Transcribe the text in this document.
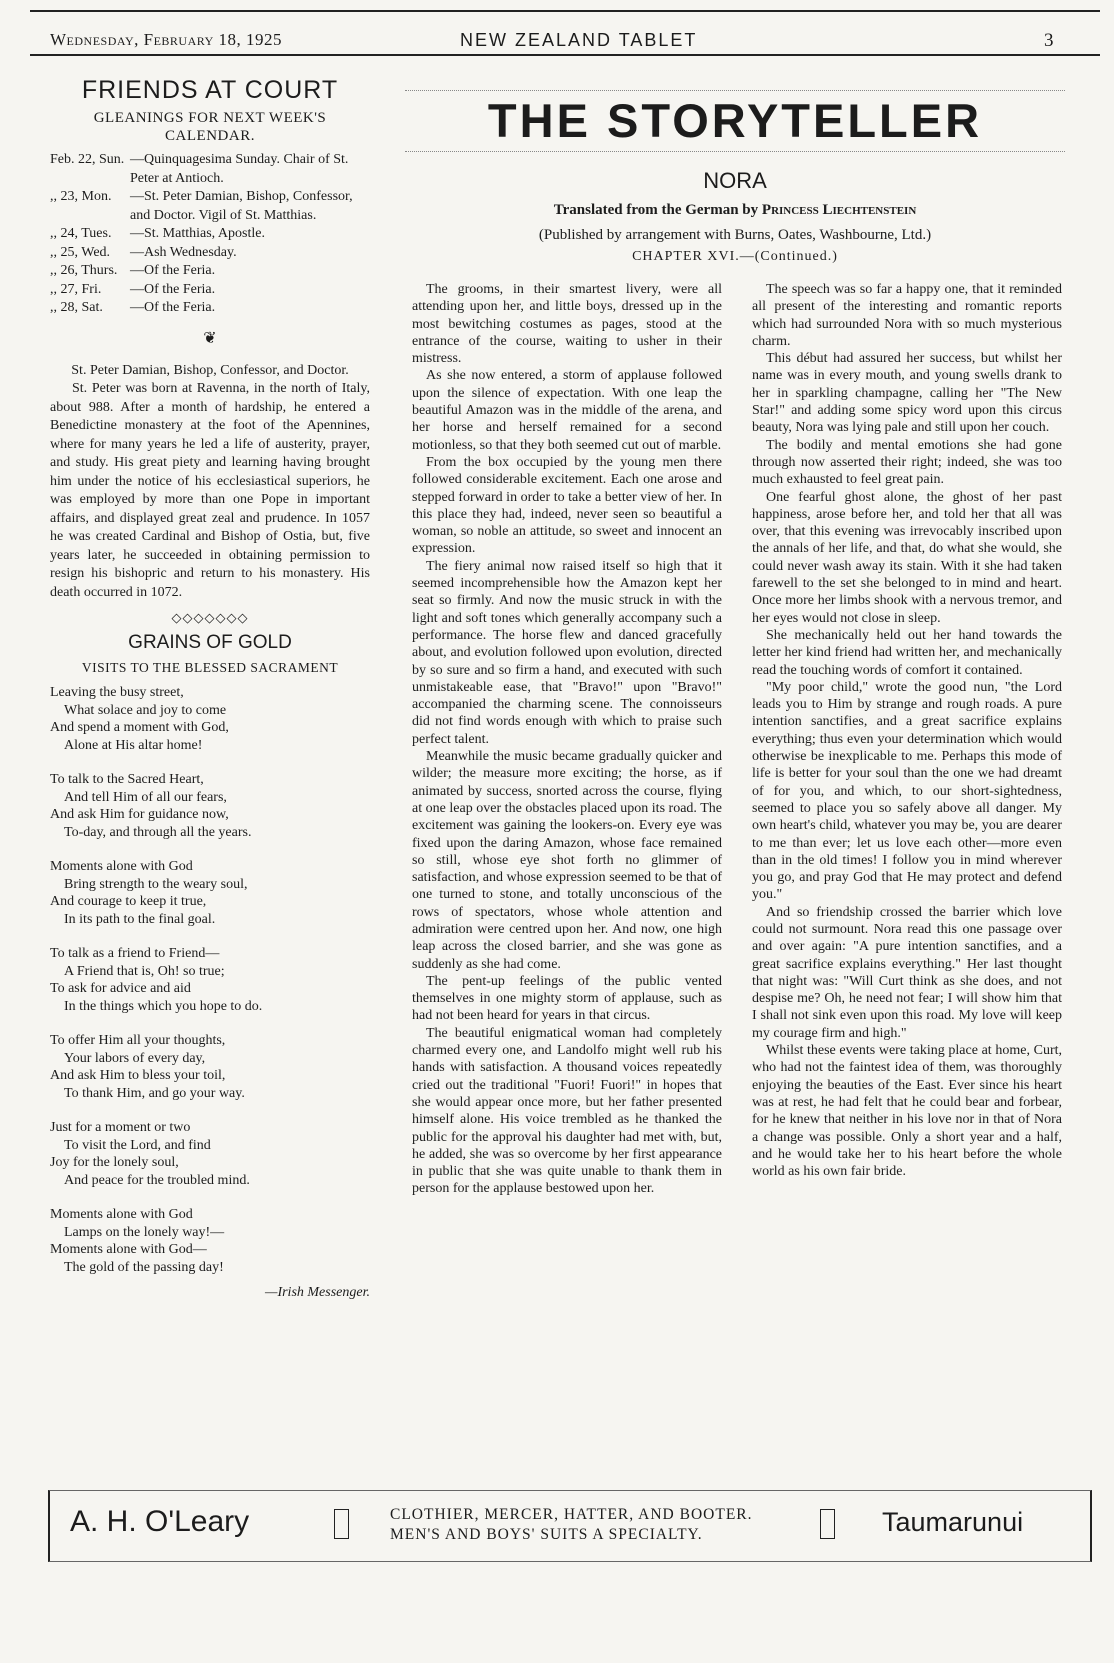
Wednesday, February 18, 1925	NEW ZEALAND TABLET	3
FRIENDS AT COURT
GLEANINGS FOR NEXT WEEK'S CALENDAR.
Feb. 22, Sun. —Quinquagesima Sunday. Chair of St. Peter at Antioch.
,, 23, Mon.	—St. Peter Damian, Bishop, Confessor, and Doctor. Vigil of St. Matthias.
,, 24, Tues.	—St. Matthias, Apostle.
,, 25, Wed.	—Ash Wednesday.
,, 26, Thurs. —Of the Feria.
,, 27, Fri.	—Of the Feria.
,, 28, Sat.	—Of the Feria.
❦
St. Peter Damian, Bishop, Confessor, and Doctor.
St. Peter was born at Ravenna, in the north of Italy, about 988. After a month of hardship, he entered a Benedictine monastery at the foot of the Apennines, where for many years he led a life of austerity, prayer, and study. His great piety and learning having brought him under the notice of his ecclesiastical superiors, he was employed by more than one Pope in important affairs, and displayed great zeal and prudence. In 1057 he was created Cardinal and Bishop of Ostia, but, five years later, he succeeded in obtaining permission to resign his bishopric and return to his monastery. His death occurred in 1072.
◇◇◇◇◇◇◇
GRAINS OF GOLD
VISITS TO THE BLESSED SACRAMENT
Leaving the busy street,
What solace and joy to come
And spend a moment with God,
Alone at His altar home!
To talk to the Sacred Heart,
And tell Him of all our fears,
And ask Him for guidance now,
To-day, and through all the years.
Moments alone with God
Bring strength to the weary soul,
And courage to keep it true,
In its path to the final goal.
To talk as a friend to Friend—
A Friend that is, Oh! so true;
To ask for advice and aid
In the things which you hope to do.
To offer Him all your thoughts,
Your labors of every day,
And ask Him to bless your toil,
To thank Him, and go your way.
Just for a moment or two
To visit the Lord, and find
Joy for the lonely soul,
And peace for the troubled mind.
Moments alone with God
Lamps on the lonely way!—
Moments alone with God—
The gold of the passing day!
—Irish Messenger.
THE STORYTELLER
NORA
Translated from the German by Princess Liechtenstein
(Published by arrangement with Burns, Oates, Washbourne, Ltd.)
CHAPTER XVI.—(Continued.)
The grooms, in their smartest livery, were all attending upon her, and little boys, dressed up in the most bewitching costumes as pages, stood at the entrance of the course, waiting to usher in their mistress.
As she now entered, a storm of applause followed upon the silence of expectation. With one leap the beautiful Amazon was in the middle of the arena, and her horse and herself remained for a second motionless, so that they both seemed cut out of marble.
From the box occupied by the young men there followed considerable excitement. Each one arose and stepped forward in order to take a better view of her. In this place they had, indeed, never seen so beautiful a woman, so noble an attitude, so sweet and innocent an expression.
The fiery animal now raised itself so high that it seemed incomprehensible how the Amazon kept her seat so firmly. And now the music struck in with the light and soft tones which generally accompany such a performance. The horse flew and danced gracefully about, and evolution followed upon evolution, directed by so sure and so firm a hand, and executed with such unmistakeable ease, that "Bravo!" upon "Bravo!" accompanied the charming scene. The connoisseurs did not find words enough with which to praise such perfect talent.
Meanwhile the music became gradually quicker and wilder; the measure more exciting; the horse, as if animated by success, snorted across the course, flying at one leap over the obstacles placed upon its road. The excitement was gaining the lookers-on. Every eye was fixed upon the daring Amazon, whose face remained so still, whose eye shot forth no glimmer of satisfaction, and whose expression seemed to be that of one turned to stone, and totally unconscious of the rows of spectators, whose whole attention and admiration were centred upon her. And now, one high leap across the closed barrier, and she was gone as suddenly as she had come.
The pent-up feelings of the public vented themselves in one mighty storm of applause, such as had not been heard for years in that circus.
The beautiful enigmatical woman had completely charmed every one, and Landolfo might well rub his hands with satisfaction. A thousand voices repeatedly cried out the traditional "Fuori! Fuori!" in hopes that she would appear once more, but her father presented himself alone. His voice trembled as he thanked the public for the approval his daughter had met with, but, he added, she was so overcome by her first appearance in public that she was quite unable to thank them in person for the applause bestowed upon her.
The speech was so far a happy one, that it reminded all present of the interesting and romantic reports which had surrounded Nora with so much mysterious charm.
This début had assured her success, but whilst her name was in every mouth, and young swells drank to her in sparkling champagne, calling her "The New Star!" and adding some spicy word upon this circus beauty, Nora was lying pale and still upon her couch.
The bodily and mental emotions she had gone through now asserted their right; indeed, she was too much exhausted to feel great pain.
One fearful ghost alone, the ghost of her past happiness, arose before her, and told her that all was over, that this evening was irrevocably inscribed upon the annals of her life, and that, do what she would, she could never wash away its stain. With it she had taken farewell to the set she belonged to in mind and heart. Once more her limbs shook with a nervous tremor, and her eyes would not close in sleep.
She mechanically held out her hand towards the letter her kind friend had written her, and mechanically read the touching words of comfort it contained.
"My poor child," wrote the good nun, "the Lord leads you to Him by strange and rough roads. A pure intention sanctifies, and a great sacrifice explains everything; thus even your determination which would otherwise be inexplicable to me. Perhaps this mode of life is better for your soul than the one we had dreamt of for you, and which, to our short-sightedness, seemed to place you so safely above all danger. My own heart's child, whatever you may be, you are dearer to me than ever; let us love each other—more even than in the old times! I follow you in mind wherever you go, and pray God that He may protect and defend you."
And so friendship crossed the barrier which love could not surmount. Nora read this one passage over and over again: "A pure intention sanctifies, and a great sacrifice explains everything." Her last thought that night was: "Will Curt think as she does, and not despise me? Oh, he need not fear; I will show him that I shall not sink even upon this road. My love will keep my courage firm and high."
Whilst these events were taking place at home, Curt, who had not the faintest idea of them, was thoroughly enjoying the beauties of the East. Ever since his heart was at rest, he had felt that he could bear and forbear, for he knew that neither in his love nor in that of Nora a change was possible. Only a short year and a half, and he would take her to his heart before the whole world as his own fair bride.
A. H. O'Leary	CLOTHIER, MERCER, HATTER, AND BOOTER.
MEN'S AND BOYS' SUITS A SPECIALTY.	Taumarunui
